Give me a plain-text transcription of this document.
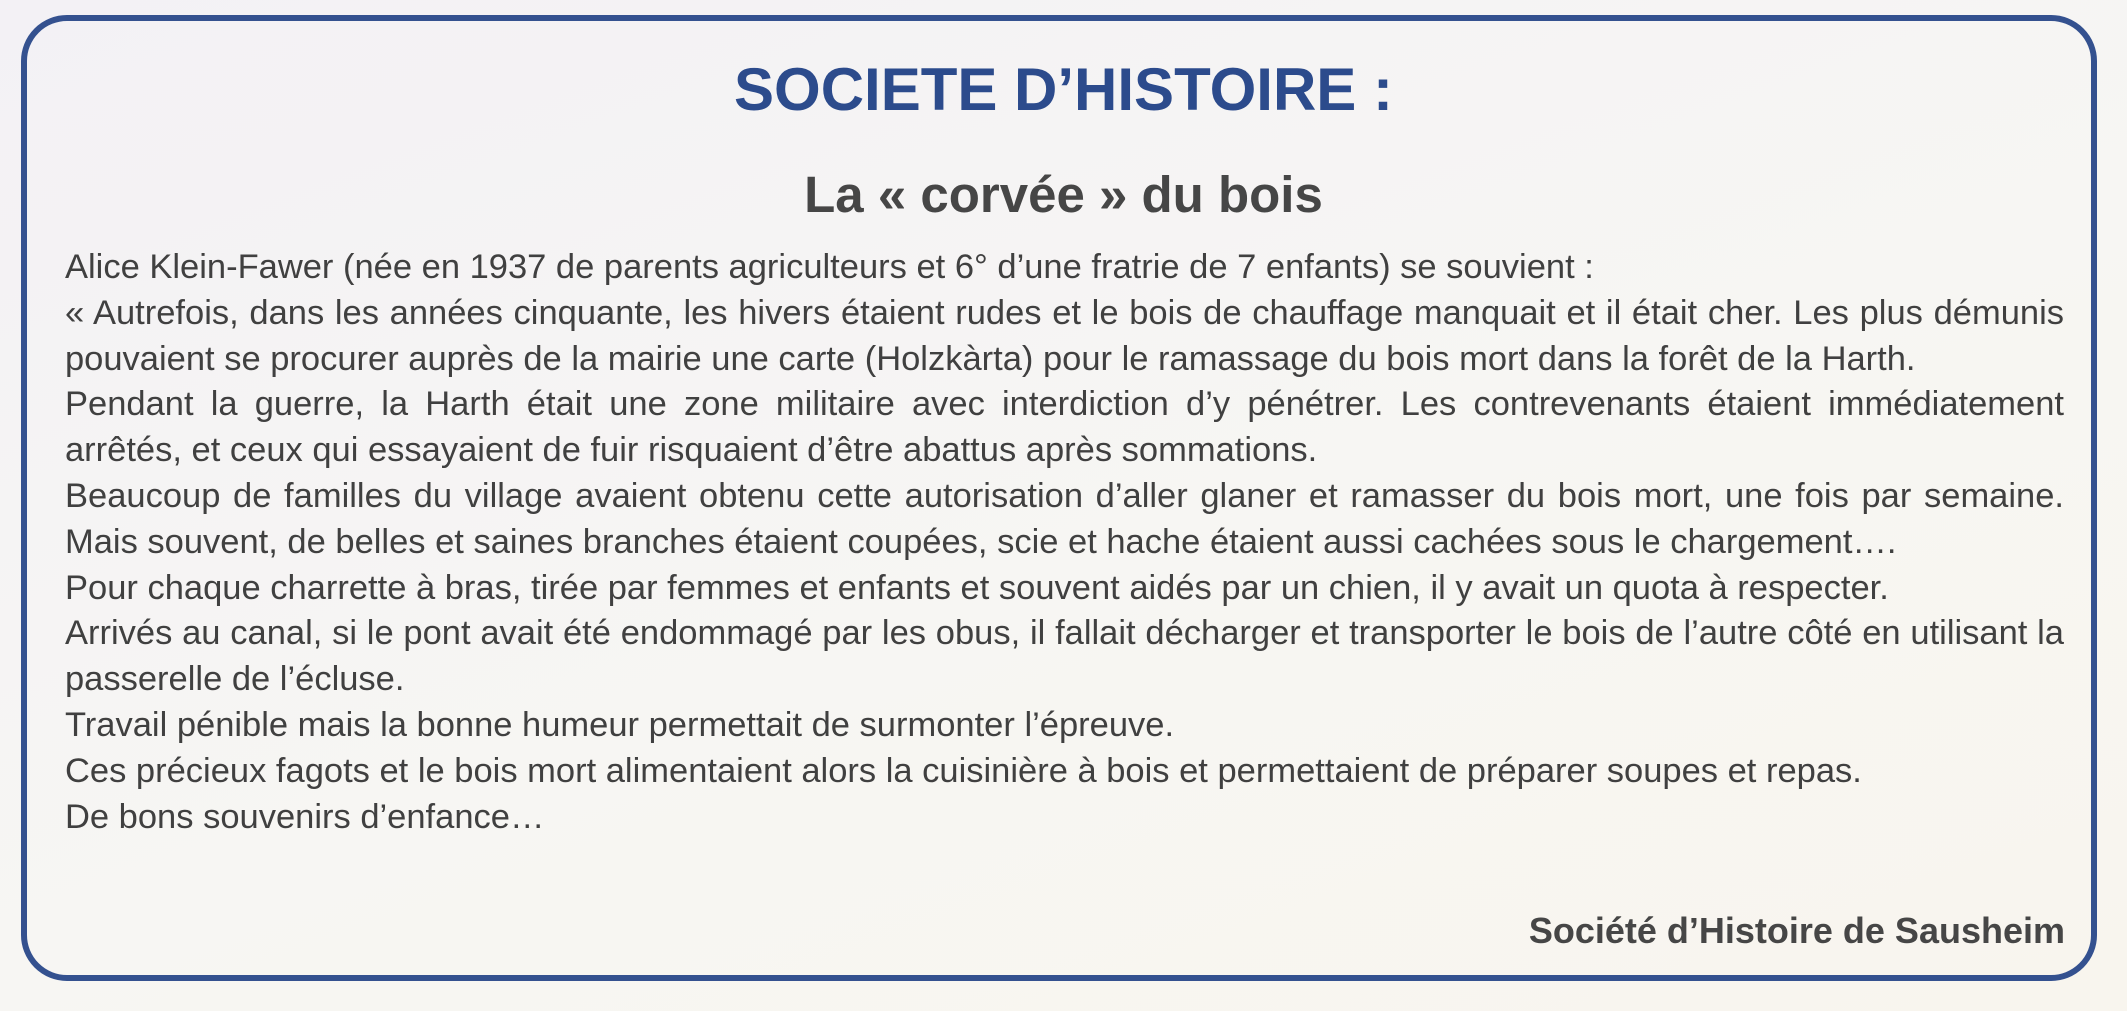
SOCIETE D’HISTOIRE :
La « corvée » du bois

Alice Klein-Fawer (née en 1937 de parents agriculteurs et 6° d’une fratrie de 7 enfants) se souvient :

« Autrefois, dans les années cinquante, les hivers étaient rudes et le bois de chauffage manquait et il était cher. Les plus démunis pouvaient se procurer auprès de la mairie une carte (Holzkàrta) pour le ramassage du bois mort dans la forêt de la Harth.

Pendant la guerre, la Harth était une zone militaire avec interdiction d’y pénétrer. Les contrevenants étaient immédiatement arrêtés, et ceux qui essayaient de fuir risquaient d’être abattus après sommations.

Beaucoup de familles du village avaient obtenu cette autorisation d’aller glaner et ramasser du bois mort, une fois par semaine. Mais souvent, de belles et saines branches étaient coupées, scie et hache étaient aussi cachées sous le chargement….

Pour chaque charrette à bras, tirée par femmes et enfants et souvent aidés par un chien, il y avait un quota à respecter.

Arrivés au canal, si le pont avait été endommagé par les obus, il fallait décharger et transporter le bois de l’autre côté en utilisant la passerelle de l’écluse.

Travail pénible mais la bonne humeur permettait de surmonter l’épreuve.

Ces précieux fagots et le bois mort alimentaient alors la cuisinière à bois et permettaient de préparer soupes et repas.

De bons souvenirs d’enfance…

Société d’Histoire de Sausheim
